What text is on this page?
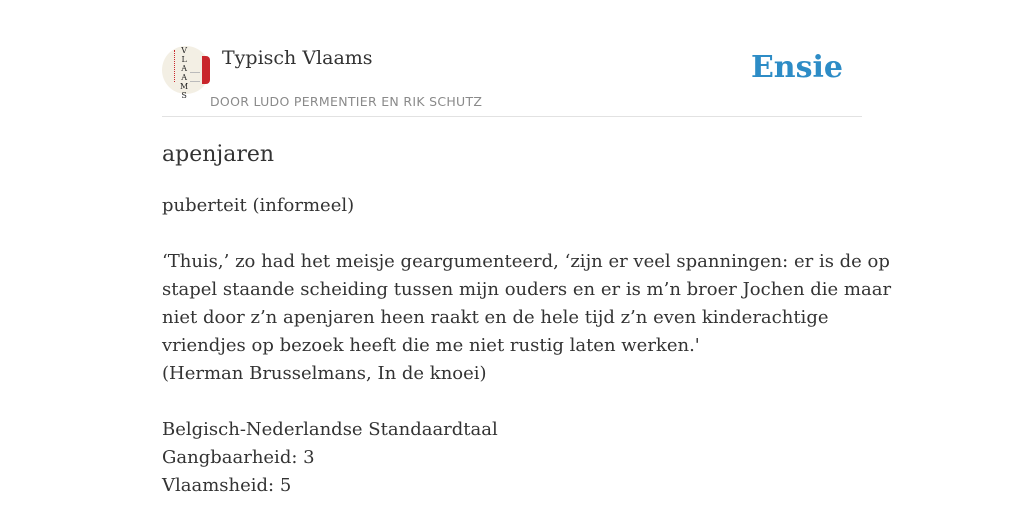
V
L
A
A
M
S
Typisch Vlaams
DOOR LUDO PERMENTIER EN RIK SCHUTZ
Ensie
apenjaren
puberteit (informeel)
‘Thuis,’ zo had het meisje geargumenteerd, ‘zijn er veel spanningen: er is de op
stapel staande scheiding tussen mijn ouders en er is m’n broer Jochen die maar
niet door z’n apenjaren heen raakt en de hele tijd z’n even kinderachtige
vriendjes op bezoek heeft die me niet rustig laten werken.'
(Herman Brusselmans, In de knoei)
Belgisch-Nederlandse Standaardtaal
Gangbaarheid: 3
Vlaamsheid: 5
